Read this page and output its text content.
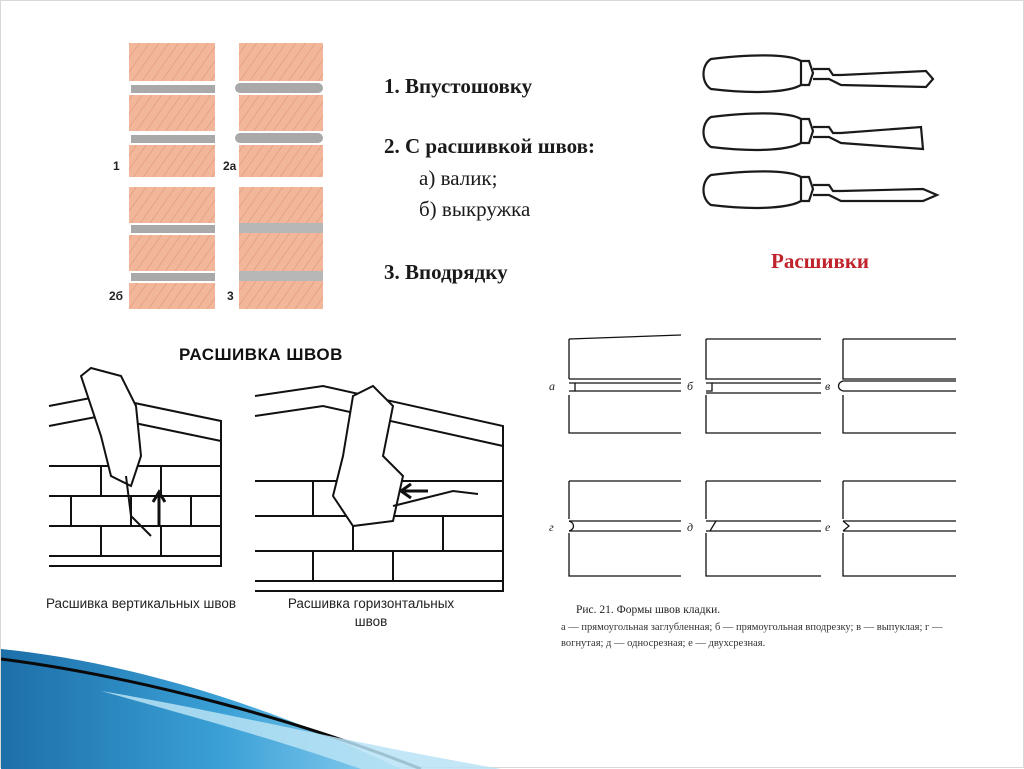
1	2а
2б	3
1. Впустошовку
2. С расшивкой швов:
а) валик;
б) выкружка
3. Вподрядку	Расшивки
РАСШИВКА ШВОВ
Расшивка вертикальных швов	Расшивка горизонтальных швов
а	б	в
г	д	е
Рис. 21. Формы швов кладки.
а — прямоугольная заглубленная; б — прямоугольная вподрезку; в — выпуклая; г — вогнутая; д — односрезная; е — двухсрезная.
